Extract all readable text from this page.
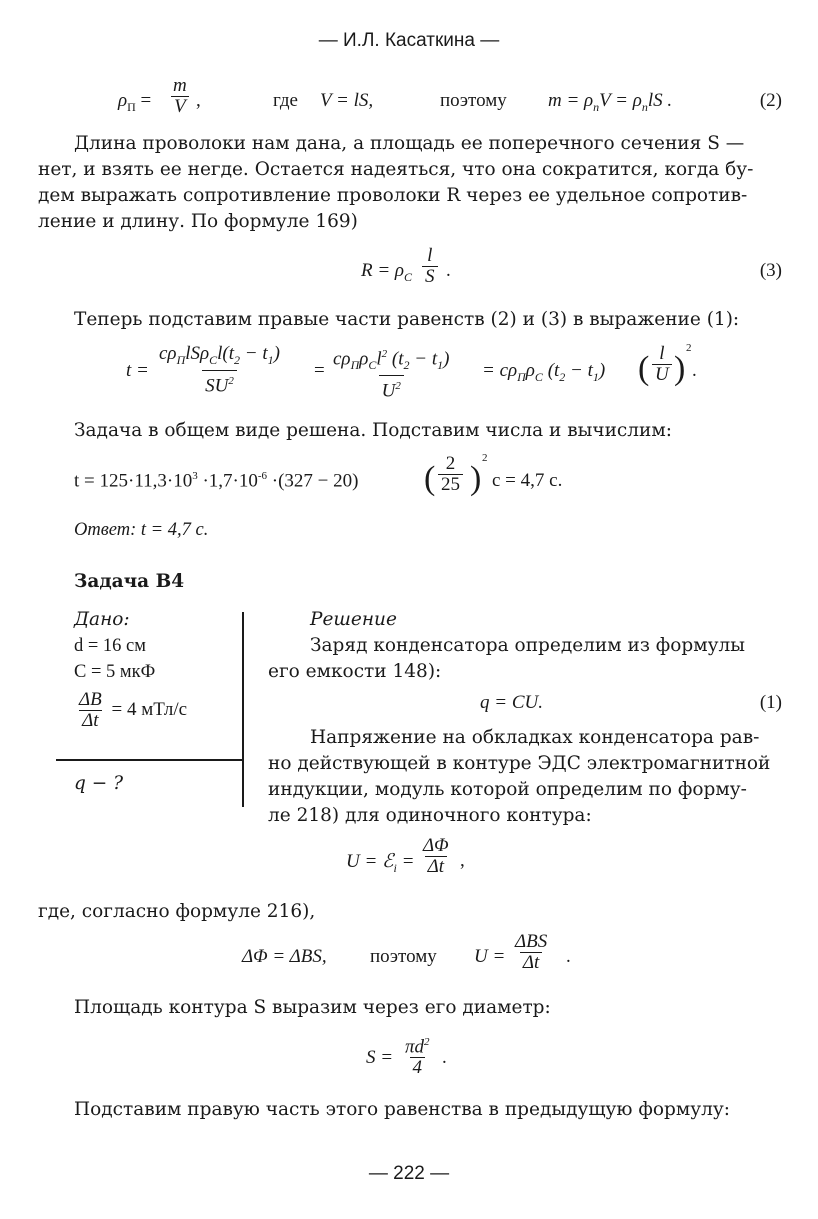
— И.Л. Касаткина —
$\rho_П = \frac{m}{V}$ ,	где V = lS,	поэтому $m = \rho_пV = \rho_пlS$ .	(2)
Длина проволоки нам дана, а площадь ее поперечного сечения S —
нет, и взять ее негде. Остается надеяться, что она сократится, когда бу-
дем выражать сопротивление проволоки R через ее удельное сопротив-
ление и длину. По формуле 169)
$R = \rho_С \frac{l}{S}$ .	(3)
Теперь подставим правые части равенств (2) и (3) в выражение (1):
t =
$c\rho_ПlS\rho_Сl(t_2 - t_1)$
$SU^2$	=
$c\rho_П\rho_Сl^2$ $(t_2 - t_1)$
$U^2$
= $c\rho_П\rho_С$ $(t_2 - t_1)$ ( $\frac{l}{U}$ )
2
.
Задача в общем виде решена. Подставим числа и вычислим:
$t = 125\cdot 11,3\cdot 10^3 \cdot 1,7\cdot 10^{-6} \cdot(327 - 20)$ ( $\frac{2}{25}$ )
2
с = 4,7 с.
Ответ: t = 4,7 с.
Задача В4
Дано:
d = 16 см
C = 5 мкФ
$\frac{\Delta B}{\Delta t} = 4$ мТл/с
q − ?
Решение
Заряд конденсатора определим из формулы
его емкости 148):
q = CU.	(1)
Напряжение на обкладках конденсатора рав-
но действующей в контуре ЭДС электромагнитной
индукции, модуль которой определим по форму-
ле 218) для одиночного контура:
U = ℰ$_i$ = $\frac{\Delta\Phi}{\Delta t}$ ,
где, согласно формуле 216),
ΔΦ = ΔBS, поэтому U =
ΔBS
Δt .
Площадь контура S выразим через его диаметр:
$S = \frac{\pi d^2}{4}$ .
Подставим правую часть этого равенства в предыдущую формулу:
— 222 —
